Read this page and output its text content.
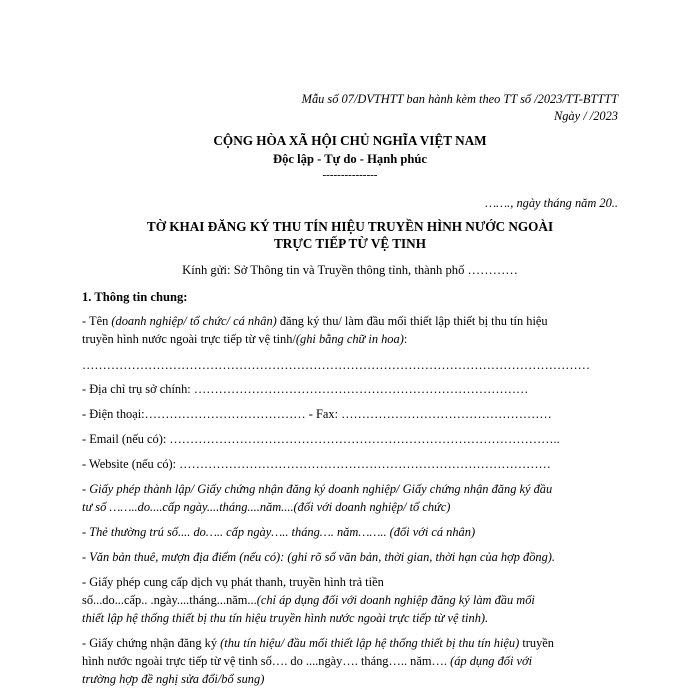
Mẫu số 07/DVTHTT ban hành kèm theo TT số /2023/TT-BTTTT
Ngày / /2023
CỘNG HÒA XÃ HỘI CHỦ NGHĨA VIỆT NAM
Độc lập - Tự do - Hạnh phúc
---------------
……., ngày tháng năm 20..
TỜ KHAI ĐĂNG KÝ THU TÍN HIỆU TRUYỀN HÌNH NƯỚC NGOÀI
TRỰC TIẾP TỪ VỆ TINH
Kính gửi: Sở Thông tin và Truyền thông tỉnh, thành phố …………
1. Thông tin chung:
- Tên (doanh nghiệp/ tổ chức/ cá nhân) đăng ký thu/ làm đầu mối thiết lập thiết bị thu tín hiệu
truyền hình nước ngoài trực tiếp từ vệ tinh/(ghi bằng chữ in hoa):
……………………………………………………………………………………………………………
- Địa chỉ trụ sở chính: ………………………………………………………………………
- Điện thoại:………………………………… - Fax: ……………………………………………
- Email (nếu có): …………………………………………………………………………………..
- Website (nếu có): ………………………………………………………………………………
- Giấy phép thành lập/ Giấy chứng nhận đăng ký doanh nghiệp/ Giấy chứng nhận đăng ký đầu
tư số ……..do....cấp ngày....tháng....năm....(đối với doanh nghiệp/ tổ chức)
- Thẻ thường trú số.... do….. cấp ngày….. tháng…. năm…….. (đối với cá nhân)
- Văn bản thuê, mượn địa điểm (nếu có): (ghi rõ số văn bản, thời gian, thời hạn của hợp đồng).
- Giấy phép cung cấp dịch vụ phát thanh, truyền hình trả tiền
số...do...cấp.. .ngày....tháng...năm...(chỉ áp dụng đối với doanh nghiệp đăng ký làm đầu mối
thiết lập hệ thống thiết bị thu tín hiệu truyền hình nước ngoài trực tiếp từ vệ tinh).
- Giấy chứng nhận đăng ký (thu tín hiệu/ đầu mối thiết lập hệ thống thiết bị thu tín hiệu) truyền
hình nước ngoài trực tiếp từ vệ tinh số…. do ....ngày…. tháng….. năm…. (áp dụng đối với
trường hợp đề nghị sửa đổi/bổ sung)
